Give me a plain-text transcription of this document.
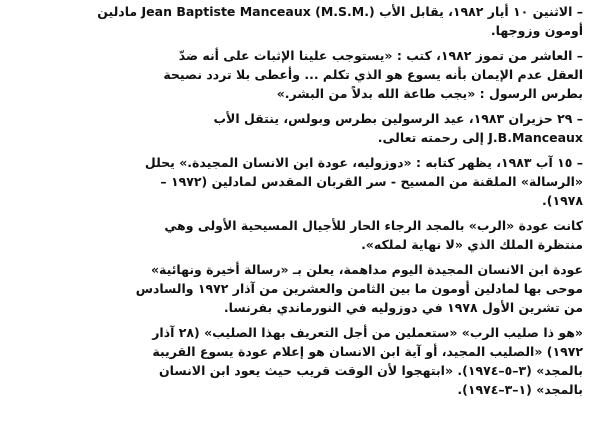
– الاثنين ١٠ أيار ١٩٨٢، يقابل الأب Jean Baptiste Manceaux (M.S.M.) مادلين
أومون وزوجها.

– العاشر من تموز ١٩٨٢، كتب : «يستوجب علينا الإثبات على أنه ضدّ
العقل عدم الإيمان بأنه يسوع هو الذي تكلم ... وأعطى بلا تردد نصيحة
بطرس الرسول : «يجب طاعة الله بدلاً من البشر.»

– ٢٩ حزيران ١٩٨٣، عيد الرسولين بطرس وبولس، ينتقل الأب
J.B.Manceaux إلى رحمته تعالى.

– ١٥ آب ١٩٨٣، يظهر كتابه : «دوزوليه، عودة ابن الانسان المجيدة.» يحلل
«الرسالة» الملقنة من المسيح - سر القربان المقدس لمادلين (١٩٧٢ –
١٩٧٨).

كانت عودة «الرب» بالمجد الرجاء الحار للأجيال المسيحية الأولى وهي
منتظرة الملك الذي «لا نهاية لملكه».

عودة ابن الانسان المجيدة اليوم مداهمة، يعلن بـ «رسالة أخيرة ونهائية»
موحى بها لمادلين أومون ما بين الثامن والعشرين من آذار ١٩٧٢ والسادس
من تشرين الأول ١٩٧٨ في دوزوليه في النورماندي بفرنسا.

«هو ذا صليب الرب» «ستعملين من أجل التعريف بهذا الصليب» (٢٨ آذار
١٩٧٢) «الصليب المجيد، أو آية ابن الانسان هو إعلام عودة يسوع القريبة
بالمجد» (٣–٥–١٩٧٤). «ابتهجوا لأن الوقت قريب حيث يعود ابن الانسان
بالمجد» (١–٣–١٩٧٤).
